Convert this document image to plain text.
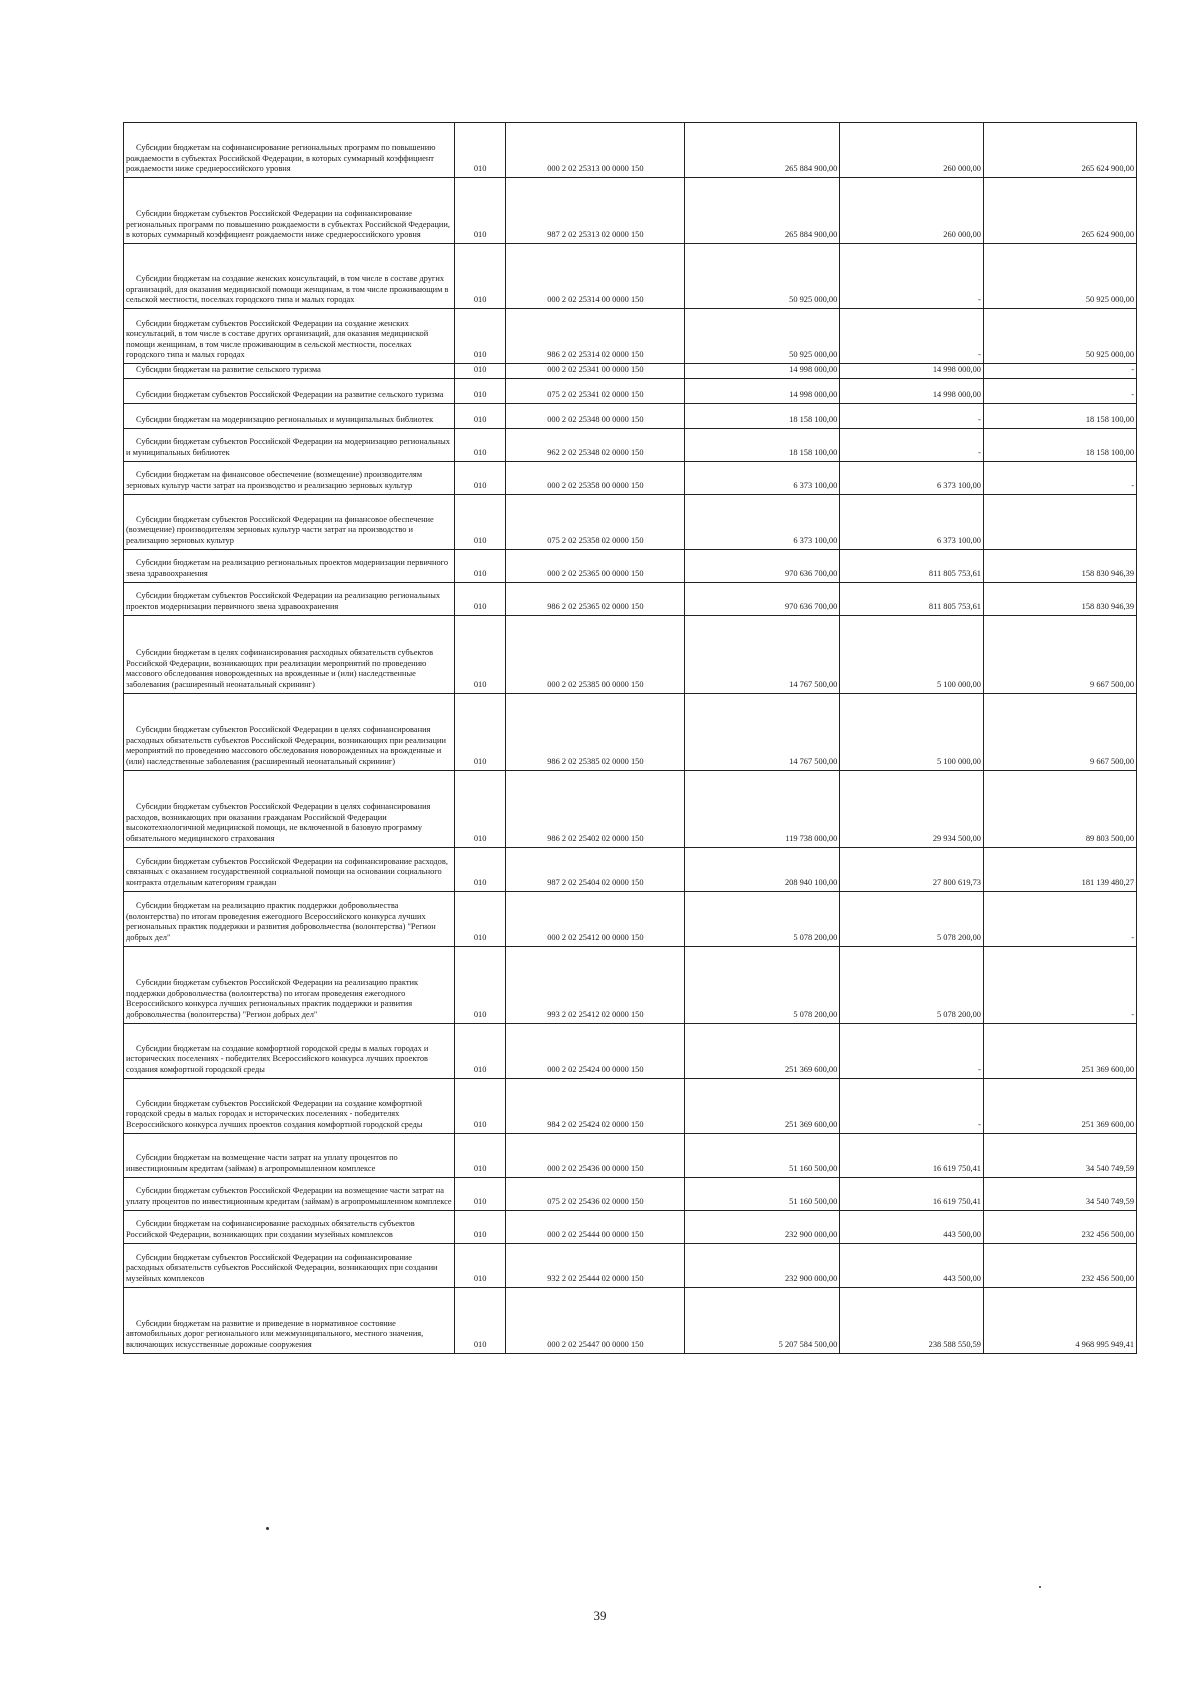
Субсидии бюджетам на софинансирование региональных программ по повышению рождаемости в субъектах Российской Федерации, в которых суммарный коэффициент рождаемости ниже среднероссийского уровня	010	000 2 02 25313 00 0000 150	265 884 900,00	260 000,00	265 624 900,00
Субсидии бюджетам субъектов Российской Федерации на софинансирование региональных программ по повышению рождаемости в субъектах Российской Федерации, в которых суммарный коэффициент рождаемости ниже среднероссийского уровня	010	987 2 02 25313 02 0000 150	265 884 900,00	260 000,00	265 624 900,00
Субсидии бюджетам на создание женских консультаций, в том числе в составе других организаций, для оказания медицинской помощи женщинам, в том числе проживающим в сельской местности, поселках городского типа и малых городах	010	000 2 02 25314 00 0000 150	50 925 000,00	-	50 925 000,00
Субсидии бюджетам субъектов Российской Федерации на создание женских консультаций, в том числе в составе других организаций, для оказания медицинской помощи женщинам, в том числе проживающим в сельской местности, поселках городского типа и малых городах	010	986 2 02 25314 02 0000 150	50 925 000,00	-	50 925 000,00
Субсидии бюджетам на развитие сельского туризма	010	000 2 02 25341 00 0000 150	14 998 000,00	14 998 000,00	-
Субсидии бюджетам субъектов Российской Федерации на развитие сельского туризма	010	075 2 02 25341 02 0000 150	14 998 000,00	14 998 000,00	-
Субсидии бюджетам на модернизацию региональных и муниципальных библиотек	010	000 2 02 25348 00 0000 150	18 158 100,00	-	18 158 100,00
Субсидии бюджетам субъектов Российской Федерации на модернизацию региональных и муниципальных библиотек	010	962 2 02 25348 02 0000 150	18 158 100,00	-	18 158 100,00
Субсидии бюджетам на финансовое обеспечение (возмещение) производителям зерновых культур части затрат на производство и реализацию зерновых культур	010	000 2 02 25358 00 0000 150	6 373 100,00	6 373 100,00	-
Субсидии бюджетам субъектов Российской Федерации на финансовое обеспечение (возмещение) производителям зерновых культур части затрат на производство и реализацию зерновых культур	010	075 2 02 25358 02 0000 150	6 373 100,00	6 373 100,00	
Субсидии бюджетам на реализацию региональных проектов модернизации первичного звена здравоохранения	010	000 2 02 25365 00 0000 150	970 636 700,00	811 805 753,61	158 830 946,39
Субсидии бюджетам субъектов Российской Федерации на реализацию региональных проектов модернизации первичного звена здравоохранения	010	986 2 02 25365 02 0000 150	970 636 700,00	811 805 753,61	158 830 946,39
Субсидии бюджетам в целях софинансирования расходных обязательств субъектов Российской Федерации, возникающих при реализации мероприятий по проведению массового обследования новорожденных на врожденные и (или) наследственные заболевания (расширенный неонатальный скрининг)	010	000 2 02 25385 00 0000 150	14 767 500,00	5 100 000,00	9 667 500,00
Субсидии бюджетам субъектов Российской Федерации в целях софинансирования расходных обязательств субъектов Российской Федерации, возникающих при реализации мероприятий по проведению массового обследования новорожденных на врожденные и (или) наследственные заболевания (расширенный неонатальный скрининг)	010	986 2 02 25385 02 0000 150	14 767 500,00	5 100 000,00	9 667 500,00
Субсидии бюджетам субъектов Российской Федерации в целях софинансирования расходов, возникающих при оказании гражданам Российской Федерации высокотехнологичной медицинской помощи, не включенной в базовую программу обязательного медицинского страхования	010	986 2 02 25402 02 0000 150	119 738 000,00	29 934 500,00	89 803 500,00
Субсидии бюджетам субъектов Российской Федерации на софинансирование расходов, связанных с оказанием государственной социальной помощи на основании социального контракта отдельным категориям граждан	010	987 2 02 25404 02 0000 150	208 940 100,00	27 800 619,73	181 139 480,27
Субсидии бюджетам на реализацию практик поддержки добровольчества (волонтерства) по итогам проведения ежегодного Всероссийского конкурса лучших региональных практик поддержки и развития добровольчества (волонтерства) "Регион добрых дел"	010	000 2 02 25412 00 0000 150	5 078 200,00	5 078 200,00	-
Субсидии бюджетам субъектов Российской Федерации на реализацию практик поддержки добровольчества (волонтерства) по итогам проведения ежегодного Всероссийского конкурса лучших региональных практик поддержки и развития добровольчества (волонтерства) "Регион добрых дел"	010	993 2 02 25412 02 0000 150	5 078 200,00	5 078 200,00	-
Субсидии бюджетам на создание комфортной городской среды в малых городах и исторических поселениях - победителях Всероссийского конкурса лучших проектов создания комфортной городской среды	010	000 2 02 25424 00 0000 150	251 369 600,00	-	251 369 600,00
Субсидии бюджетам субъектов Российской Федерации на создание комфортной городской среды в малых городах и исторических поселениях - победителях Всероссийского конкурса лучших проектов создания комфортной городской среды	010	984 2 02 25424 02 0000 150	251 369 600,00	-	251 369 600,00
Субсидии бюджетам на возмещение части затрат на уплату процентов по инвестиционным кредитам (займам) в агропромышленном комплексе	010	000 2 02 25436 00 0000 150	51 160 500,00	16 619 750,41	34 540 749,59
Субсидии бюджетам субъектов Российской Федерации на возмещение части затрат на уплату процентов по инвестиционным кредитам (займам) в агропромышленном комплексе	010	075 2 02 25436 02 0000 150	51 160 500,00	16 619 750,41	34 540 749,59
Субсидии бюджетам на софинансирование расходных обязательств субъектов Российской Федерации, возникающих при создании музейных комплексов	010	000 2 02 25444 00 0000 150	232 900 000,00	443 500,00	232 456 500,00
Субсидии бюджетам субъектов Российской Федерации на софинансирование расходных обязательств субъектов Российской Федерации, возникающих при создании музейных комплексов	010	932 2 02 25444 02 0000 150	232 900 000,00	443 500,00	232 456 500,00
Субсидии бюджетам на развитие и приведение в нормативное состояние автомобильных дорог регионального или межмуниципального, местного значения, включающих искусственные дорожные сооружения	010	000 2 02 25447 00 0000 150	5 207 584 500,00	238 588 550,59	4 968 995 949,41
39
